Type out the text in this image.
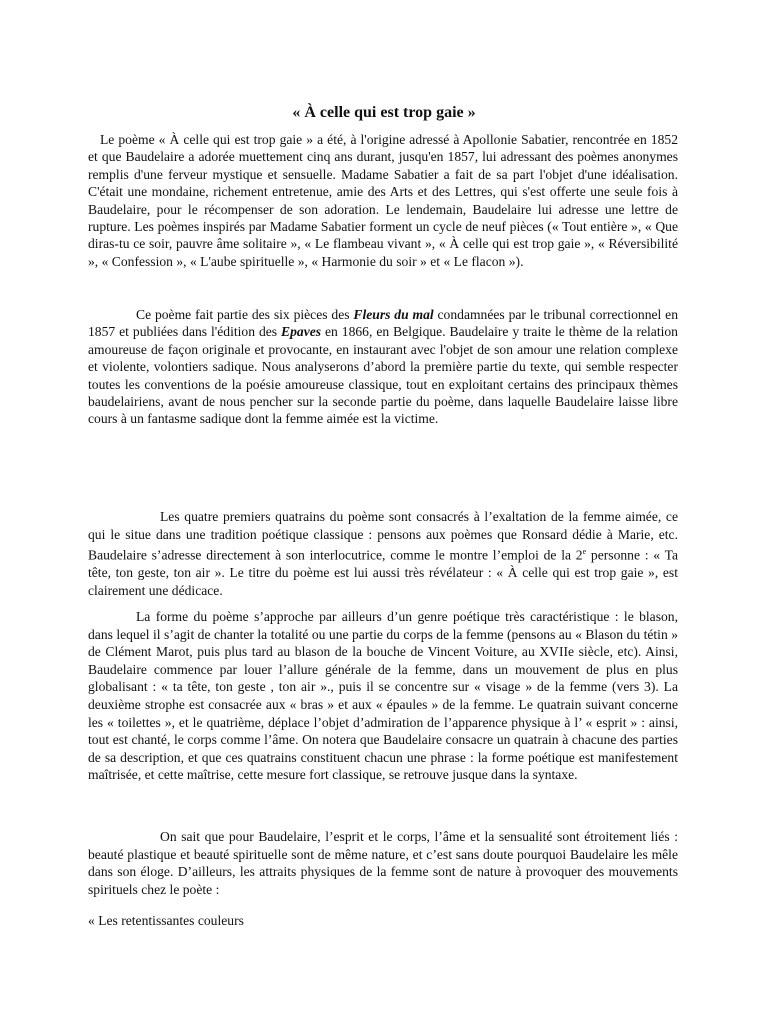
« À celle qui est trop gaie »

Le poème « À celle qui est trop gaie » a été, à l'origine adressé à Apollonie Sabatier, rencontrée en 1852 et que Baudelaire a adorée muettement cinq ans durant, jusqu'en 1857, lui adressant des poèmes anonymes remplis d'une ferveur mystique et sensuelle. Madame Sabatier a fait de sa part l'objet d'une idéalisation. C'était une mondaine, richement entretenue, amie des Arts et des Lettres, qui s'est offerte une seule fois à Baudelaire, pour le récompenser de son adoration. Le lendemain, Baudelaire lui adresse une lettre de rupture. Les poèmes inspirés par Madame Sabatier forment un cycle de neuf pièces (« Tout entière », « Que diras-tu ce soir, pauvre âme solitaire », « Le flambeau vivant », « À celle qui est trop gaie », « Réversibilité », « Confession », « L'aube spirituelle », « Harmonie du soir » et « Le flacon »).

Ce poème fait partie des six pièces des Fleurs du mal condamnées par le tribunal correctionnel en 1857 et publiées dans l'édition des Epaves en 1866, en Belgique. Baudelaire y traite le thème de la relation amoureuse de façon originale et provocante, en instaurant avec l'objet de son amour une relation complexe et violente, volontiers sadique. Nous analyserons d’abord la première partie du texte, qui semble respecter toutes les conventions de la poésie amoureuse classique, tout en exploitant certains des principaux thèmes baudelairiens, avant de nous pencher sur la seconde partie du poème, dans laquelle Baudelaire laisse libre cours à un fantasme sadique dont la femme aimée est la victime.

Les quatre premiers quatrains du poème sont consacrés à l’exaltation de la femme aimée, ce qui le situe dans une tradition poétique classique : pensons aux poèmes que Ronsard dédie à Marie, etc. Baudelaire s’adresse directement à son interlocutrice, comme le montre l’emploi de la 2e personne : « Ta tête, ton geste, ton air ». Le titre du poème est lui aussi très révélateur : « À celle qui est trop gaie », est clairement une dédicace.

La forme du poème s’approche par ailleurs d’un genre poétique très caractéristique : le blason, dans lequel il s’agit de chanter la totalité ou une partie du corps de la femme (pensons au « Blason du tétin » de Clément Marot, puis plus tard au blason de la bouche de Vincent Voiture, au XVIIe siècle, etc). Ainsi, Baudelaire commence par louer l’allure générale de la femme, dans un mouvement de plus en plus globalisant : « ta tête, ton geste , ton air »., puis il se concentre sur « visage » de la femme (vers 3). La deuxième strophe est consacrée aux « bras » et aux « épaules » de la femme. Le quatrain suivant concerne les « toilettes », et le quatrième, déplace l’objet d’admiration de l’apparence physique à l’ « esprit » : ainsi, tout est chanté, le corps comme l’âme. On notera que Baudelaire consacre un quatrain à chacune des parties de sa description, et que ces quatrains constituent chacun une phrase : la forme poétique est manifestement maîtrisée, et cette maîtrise, cette mesure fort classique, se retrouve jusque dans la syntaxe.

On sait que pour Baudelaire, l’esprit et le corps, l’âme et la sensualité sont étroitement liés : beauté plastique et beauté spirituelle sont de même nature, et c’est sans doute pourquoi Baudelaire les mêle dans son éloge. D’ailleurs, les attraits physiques de la femme sont de nature à provoquer des mouvements spirituels chez le poète :

« Les retentissantes couleurs
